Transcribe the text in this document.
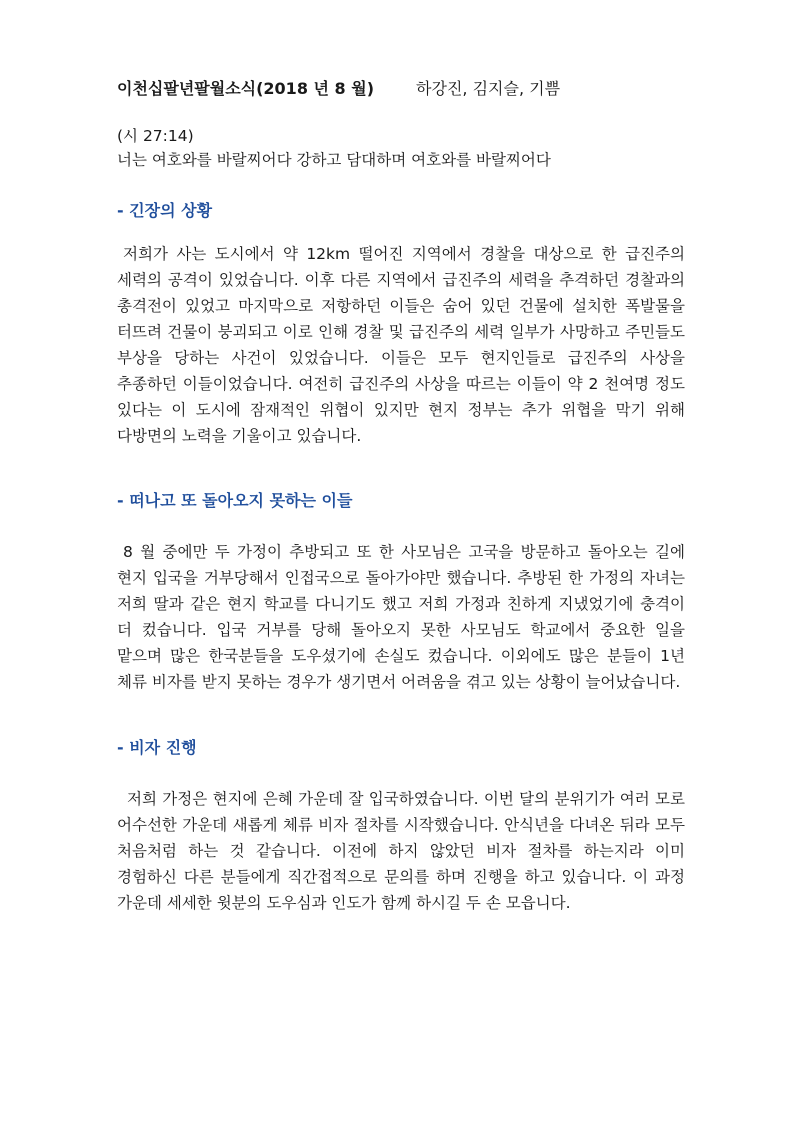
이천십팔년팔월소식(2018 년 8 월)	하강진, 김지슬, 기쁨
(시 27:14)
너는 여호와를 바랄찌어다 강하고 담대하며 여호와를 바랄찌어다
- 긴장의 상황
저희가 사는 도시에서 약 12km 떨어진 지역에서 경찰을 대상으로 한 급진주의 세력의 공격이 있었습니다. 이후 다른 지역에서 급진주의 세력을 추격하던 경찰과의 총격전이 있었고 마지막으로 저항하던 이들은 숨어 있던 건물에 설치한 폭발물을 터뜨려 건물이 붕괴되고 이로 인해 경찰 및 급진주의 세력 일부가 사망하고 주민들도 부상을 당하는 사건이 있었습니다. 이들은 모두 현지인들로 급진주의 사상을 추종하던 이들이었습니다. 여전히 급진주의 사상을 따르는 이들이 약 2 천여명 정도 있다는 이 도시에 잠재적인 위협이 있지만 현지 정부는 추가 위협을 막기 위해 다방면의 노력을 기울이고 있습니다.
- 떠나고 또 돌아오지 못하는 이들
8 월 중에만 두 가정이 추방되고 또 한 사모님은 고국을 방문하고 돌아오는 길에 현지 입국을 거부당해서 인접국으로 돌아가야만 했습니다. 추방된 한 가정의 자녀는 저희 딸과 같은 현지 학교를 다니기도 했고 저희 가정과 친하게 지냈었기에 충격이 더 컸습니다. 입국 거부를 당해 돌아오지 못한 사모님도 학교에서 중요한 일을 맡으며 많은 한국분들을 도우셨기에 손실도 컸습니다. 이외에도 많은 분들이 1년 체류 비자를 받지 못하는 경우가 생기면서 어려움을 겪고 있는 상황이 늘어났습니다.
- 비자 진행
저희 가정은 현지에 은혜 가운데 잘 입국하였습니다. 이번 달의 분위기가 여러 모로 어수선한 가운데 새롭게 체류 비자 절차를 시작했습니다. 안식년을 다녀온 뒤라 모두 처음처럼 하는 것 같습니다. 이전에 하지 않았던 비자 절차를 하는지라 이미 경험하신 다른 분들에게 직간접적으로 문의를 하며 진행을 하고 있습니다. 이 과정 가운데 세세한 윗분의 도우심과 인도가 함께 하시길 두 손 모읍니다.
